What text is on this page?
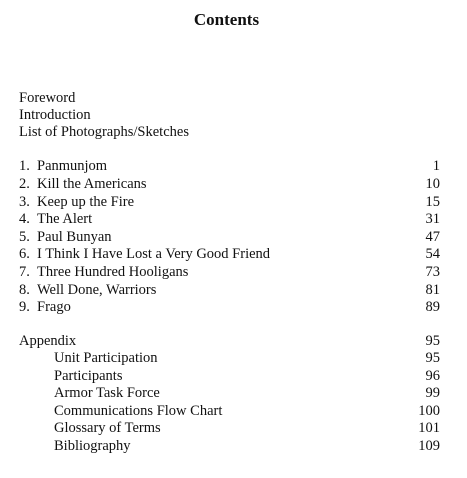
Contents
Foreword
Introduction
List of Photographs/Sketches
1. Panmunjom	1
2. Kill the Americans	10
3. Keep up the Fire	15
4. The Alert	31
5. Paul Bunyan	47
6. I Think I Have Lost a Very Good Friend	54
7. Three Hundred Hooligans	73
8. Well Done, Warriors	81
9. Frago	89
Appendix	95
Unit Participation	95
Participants	96
Armor Task Force	99
Communications Flow Chart	100
Glossary of Terms	101
Bibliography	109
